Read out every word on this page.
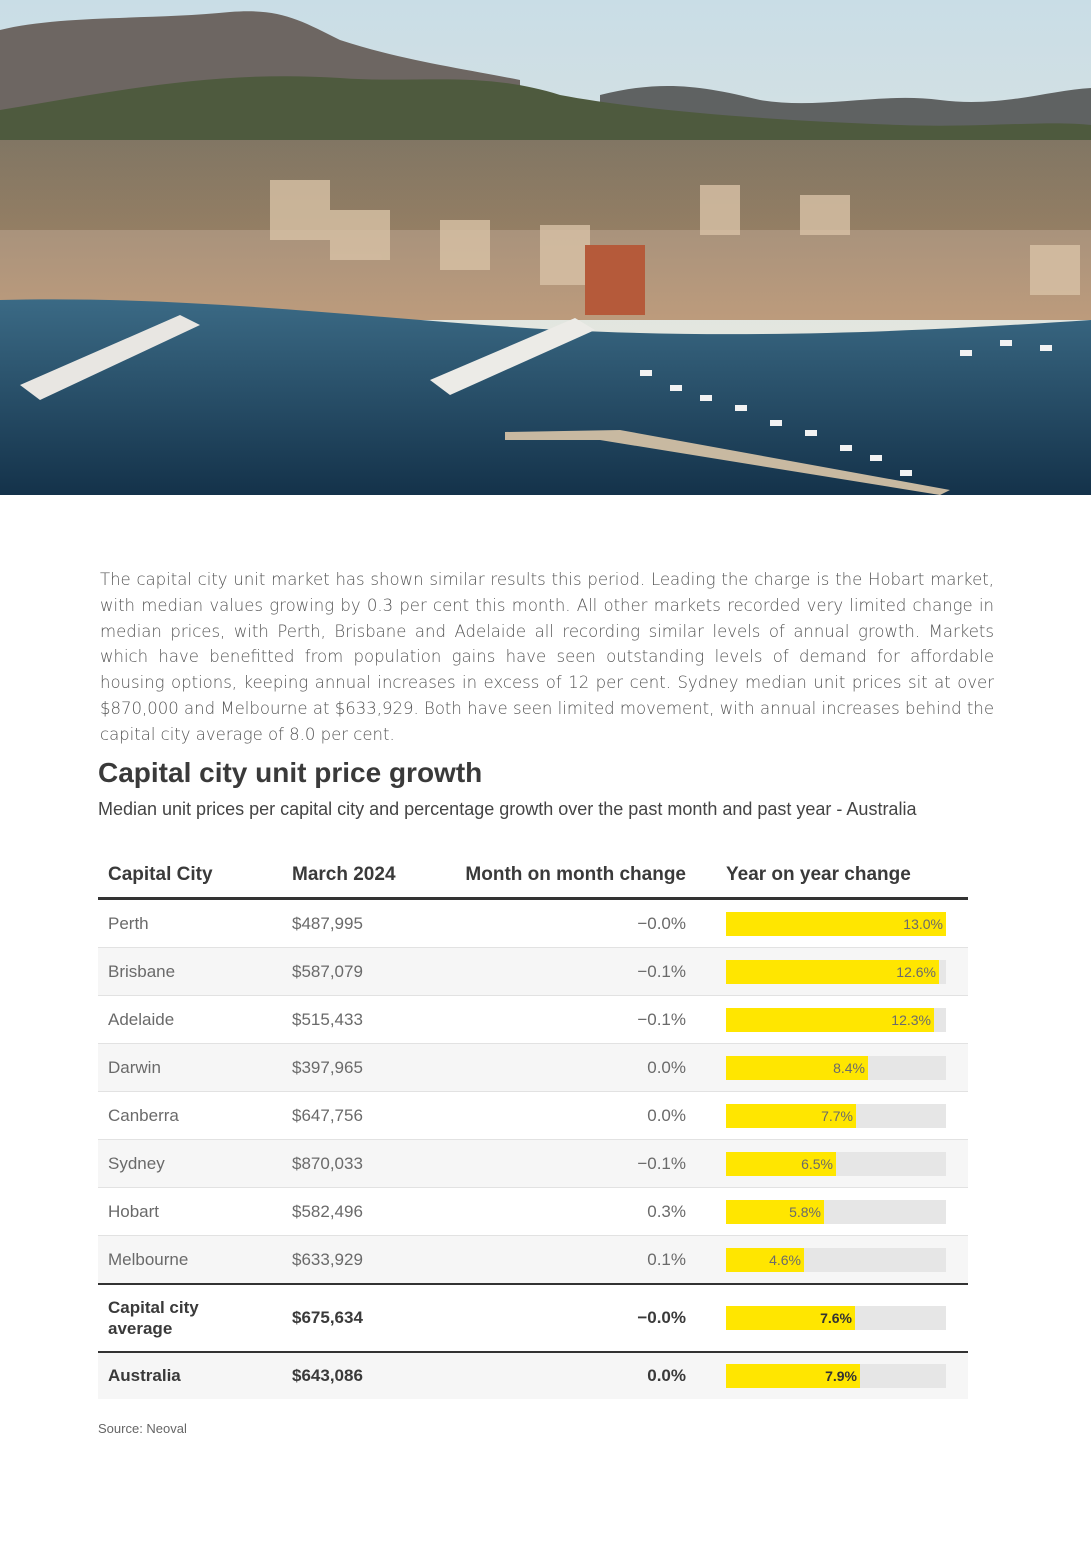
The capital city unit market has shown similar results this period. Leading the charge is the Hobart market, with median values growing by 0.3 per cent this month. All other markets recorded very limited change in median prices, with Perth, Brisbane and Adelaide all recording similar levels of annual growth. Markets which have benefitted from population gains have seen outstanding levels of demand for affordable housing options, keeping annual increases in excess of 12 per cent. Sydney median unit prices sit at over $870,000 and Melbourne at $633,929. Both have seen limited movement, with annual increases behind the capital city average of 8.0 per cent.

Capital city unit price growth

Median unit prices per capital city and percentage growth over the past month and past year - Australia

Capital City	March 2024	Month on month change	Year on year change
Perth	$487,995	−0.0%	13.0%

Brisbane	$587,079	−0.1%	12.6%

Adelaide	$515,433	−0.1%	12.3%

Darwin	$397,965	0.0%	8.4%

Canberra	$647,756	0.0%	7.7%

Sydney	$870,033	−0.1%	6.5%

Hobart	$582,496	0.3%	5.8%

Melbourne	$633,929	0.1%	4.6%

Capital city average	$675,634	−0.0%	7.6%

Australia	$643,086	0.0%	7.9%
Source: Neoval
